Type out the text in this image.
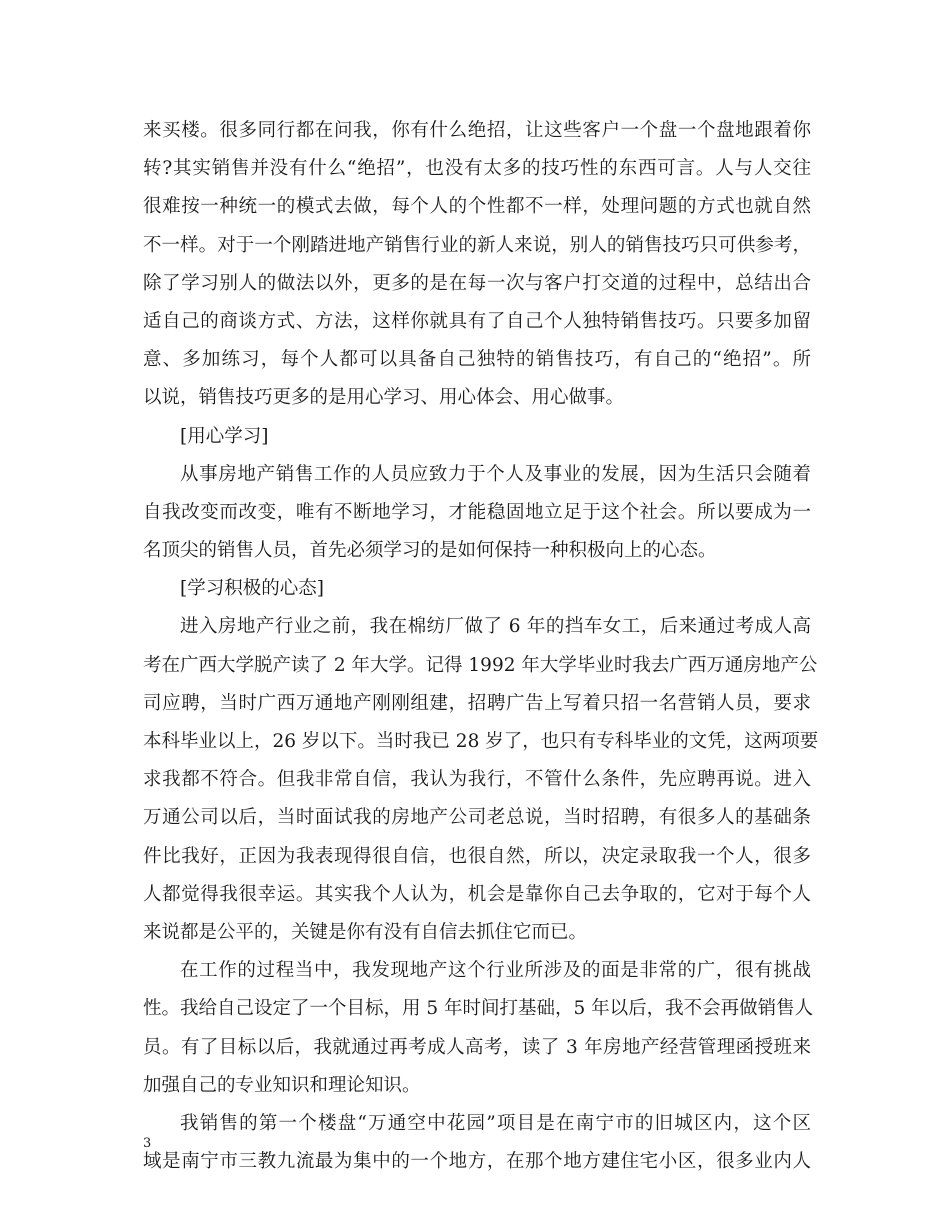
来买楼。很多同行都在问我，你有什么绝招，让这些客户一个盘一个盘地跟着你
转?其实销售并没有什么“绝招”，也没有太多的技巧性的东西可言。人与人交往
很难按一种统一的模式去做，每个人的个性都不一样，处理问题的方式也就自然
不一样。对于一个刚踏进地产销售行业的新人来说，别人的销售技巧只可供参考，
除了学习别人的做法以外，更多的是在每一次与客户打交道的过程中，总结出合
适自己的商谈方式、方法，这样你就具有了自己个人独特销售技巧。只要多加留
意、多加练习，每个人都可以具备自己独特的销售技巧，有自己的“绝招”。所
以说，销售技巧更多的是用心学习、用心体会、用心做事。
[用心学习]
从事房地产销售工作的人员应致力于个人及事业的发展，因为生活只会随着
自我改变而改变，唯有不断地学习，才能稳固地立足于这个社会。所以要成为一
名顶尖的销售人员，首先必须学习的是如何保持一种积极向上的心态。
[学习积极的心态]
进入房地产行业之前，我在棉纺厂做了 6 年的挡车女工，后来通过考成人高
考在广西大学脱产读了 2 年大学。记得 1992 年大学毕业时我去广西万通房地产公
司应聘，当时广西万通地产刚刚组建，招聘广告上写着只招一名营销人员，要求
本科毕业以上，26 岁以下。当时我已 28 岁了，也只有专科毕业的文凭，这两项要
求我都不符合。但我非常自信，我认为我行，不管什么条件，先应聘再说。进入
万通公司以后，当时面试我的房地产公司老总说，当时招聘，有很多人的基础条
件比我好，正因为我表现得很自信，也很自然，所以，决定录取我一个人，很多
人都觉得我很幸运。其实我个人认为，机会是靠你自己去争取的，它对于每个人
来说都是公平的，关键是你有没有自信去抓住它而已。
在工作的过程当中，我发现地产这个行业所涉及的面是非常的广，很有挑战
性。我给自己设定了一个目标，用 5 年时间打基础，5 年以后，我不会再做销售人
员。有了目标以后，我就通过再考成人高考，读了 3 年房地产经营管理函授班来
加强自己的专业知识和理论知识。
我销售的第一个楼盘“万通空中花园”项目是在南宁市的旧城区内，这个区
域是南宁市三教九流最为集中的一个地方，在那个地方建住宅小区，很多业内人
3
